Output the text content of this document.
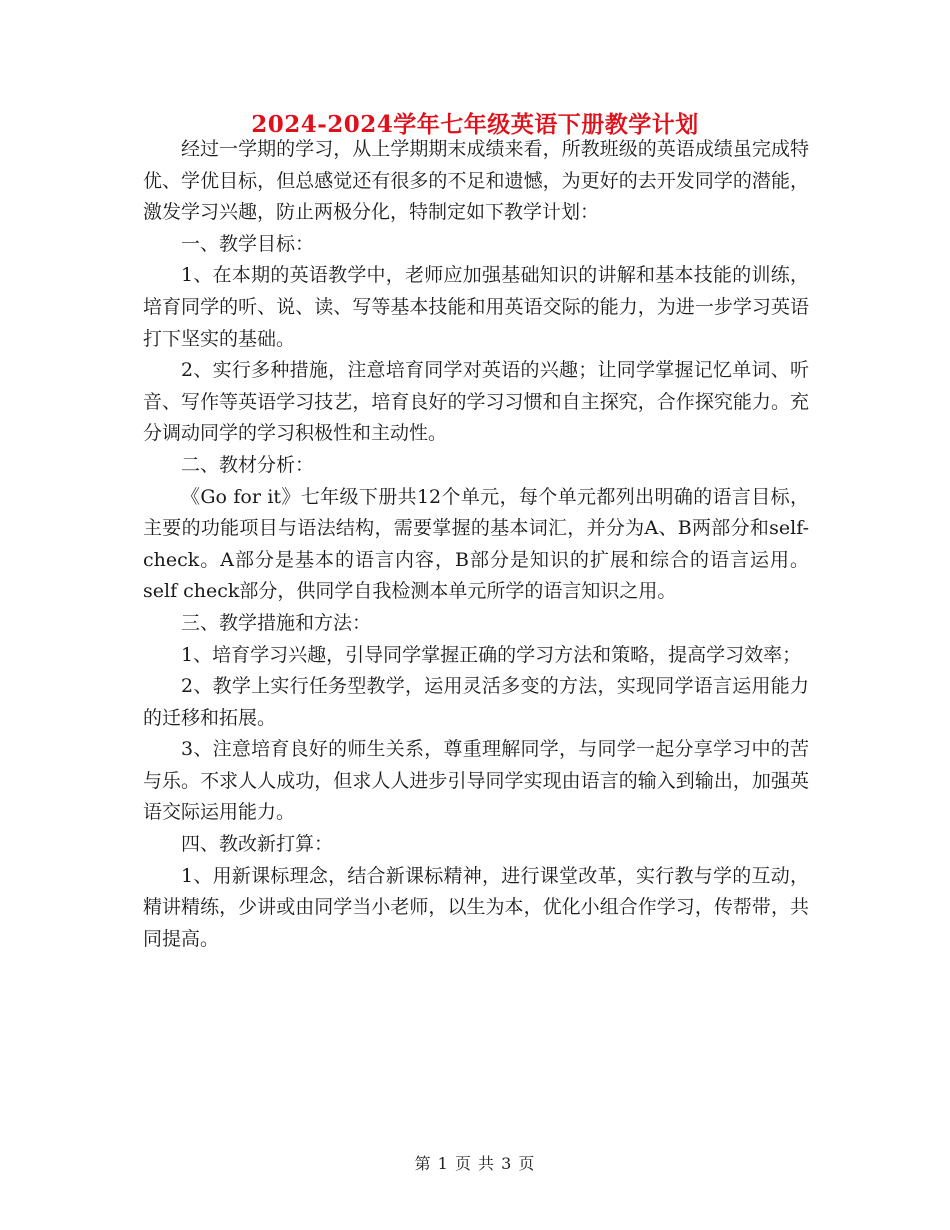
2024-2024学年七年级英语下册教学计划

经过一学期的学习，从上学期期末成绩来看，所教班级的英语成绩虽完成特优、学优目标，但总感觉还有很多的不足和遗憾，为更好的去开发同学的潜能，激发学习兴趣，防止两极分化，特制定如下教学计划：

一、教学目标：

1、在本期的英语教学中，老师应加强基础知识的讲解和基本技能的训练，培育同学的听、说、读、写等基本技能和用英语交际的能力，为进一步学习英语打下坚实的基础。

2、实行多种措施，注意培育同学对英语的兴趣；让同学掌握记忆单词、听音、写作等英语学习技艺，培育良好的学习习惯和自主探究，合作探究能力。充分调动同学的学习积极性和主动性。

二、教材分析：

《Go for it》七年级下册共12个单元，每个单元都列出明确的语言目标，主要的功能项目与语法结构，需要掌握的基本词汇，并分为A、B两部分和self-check。A部分是基本的语言内容，B部分是知识的扩展和综合的语言运用。self check部分，供同学自我检测本单元所学的语言知识之用。

三、教学措施和方法：

1、培育学习兴趣，引导同学掌握正确的学习方法和策略，提高学习效率；

2、教学上实行任务型教学，运用灵活多变的方法，实现同学语言运用能力的迁移和拓展。

3、注意培育良好的师生关系，尊重理解同学，与同学一起分享学习中的苦与乐。不求人人成功，但求人人进步引导同学实现由语言的输入到输出，加强英语交际运用能力。

四、教改新打算：

1、用新课标理念，结合新课标精神，进行课堂改革，实行教与学的互动，精讲精练，少讲或由同学当小老师，以生为本，优化小组合作学习，传帮带，共同提高。

第 1 页 共 3 页
